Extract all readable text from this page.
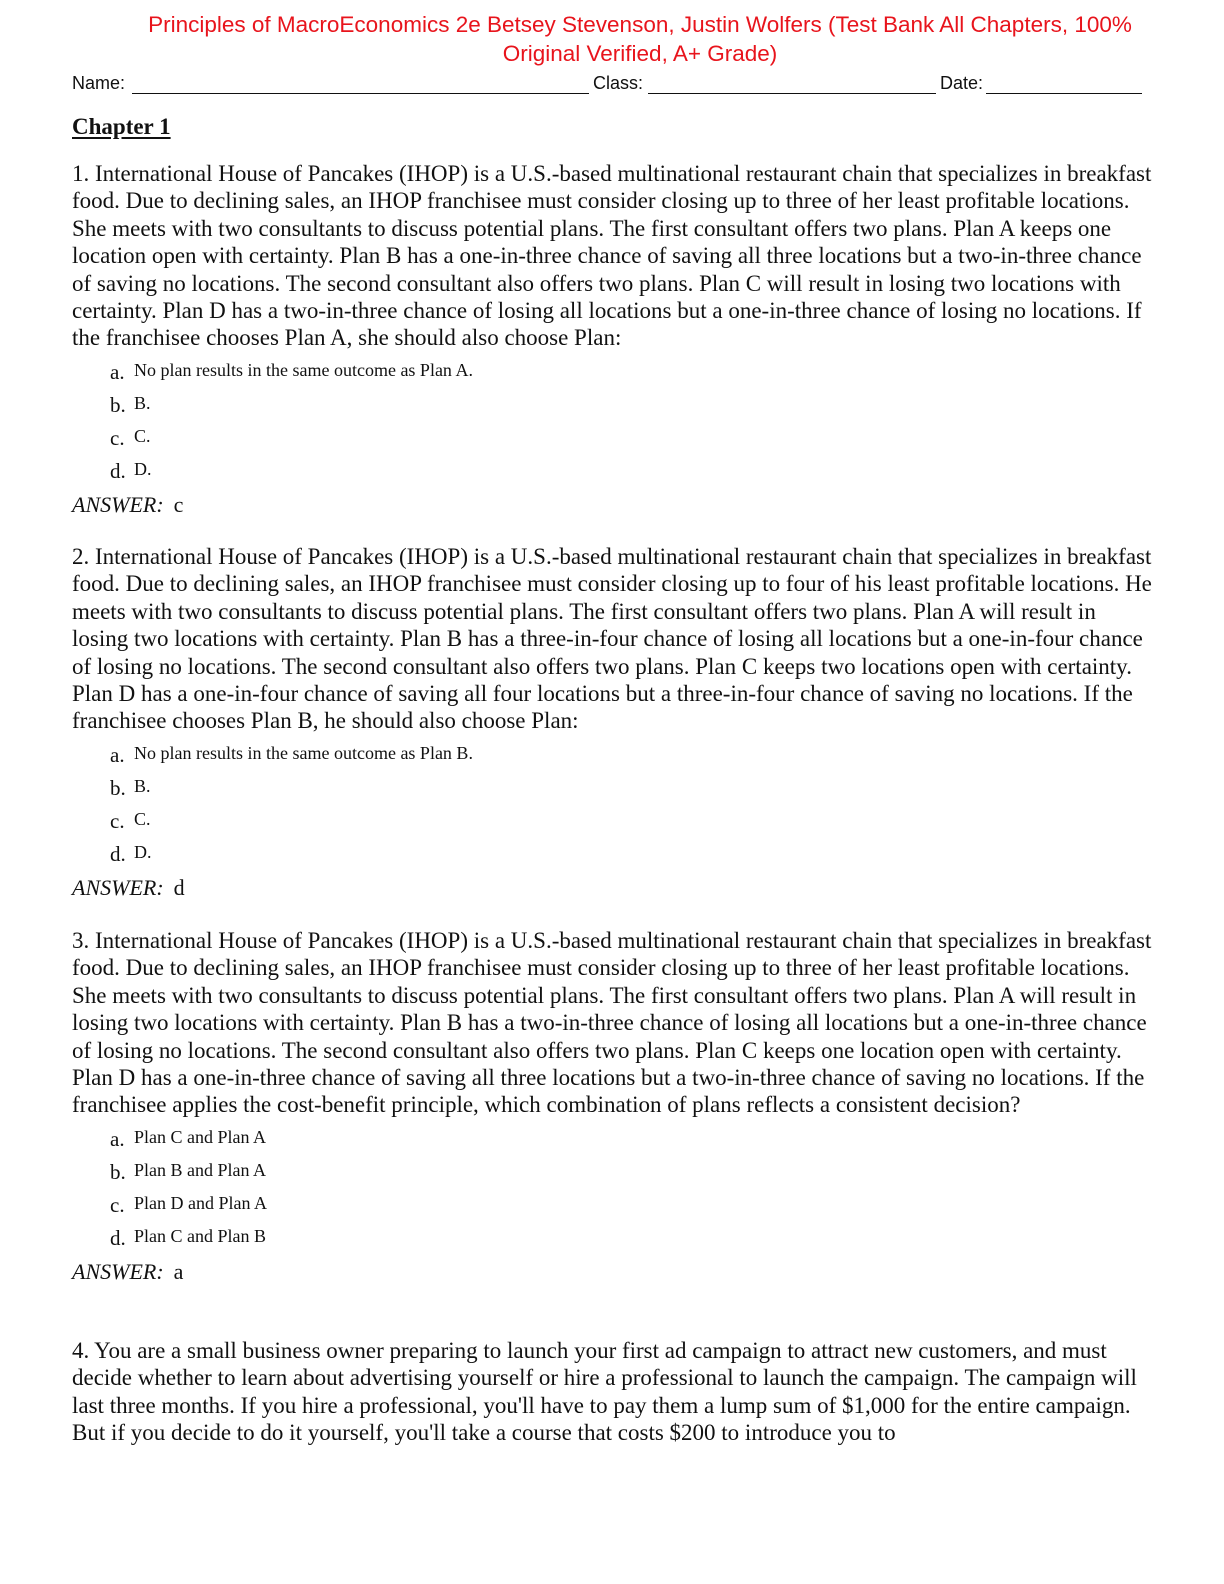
Principles of MacroEconomics 2e Betsey Stevenson, Justin Wolfers (Test Bank All Chapters, 100%
Original Verified, A+ Grade)
Name:	Class:	Date:
Chapter 1

1. International House of Pancakes (IHOP) is a U.S.-based multinational restaurant chain that specializes in breakfast food. Due to declining sales, an IHOP franchisee must consider closing up to three of her least profitable locations. She meets with two consultants to discuss potential plans. The first consultant offers two plans. Plan A keeps one location open with certainty. Plan B has a one-in-three chance of saving all three locations but a two-in-three chance of saving no locations. The second consultant also offers two plans. Plan C will result in losing two locations with certainty. Plan D has a two-in-three chance of losing all locations but a one-in-three chance of losing no locations. If the franchisee chooses Plan A, she should also choose Plan:

a. No plan results in the same outcome as Plan A.
b. B.
c. C.
d. D.
ANSWER: c

2. International House of Pancakes (IHOP) is a U.S.-based multinational restaurant chain that specializes in breakfast food. Due to declining sales, an IHOP franchisee must consider closing up to four of his least profitable locations. He meets with two consultants to discuss potential plans. The first consultant offers two plans. Plan A will result in losing two locations with certainty. Plan B has a three-in-four chance of losing all locations but a one-in-four chance of losing no locations. The second consultant also offers two plans. Plan C keeps two locations open with certainty. Plan D has a one-in-four chance of saving all four locations but a three-in-four chance of saving no locations. If the franchisee chooses Plan B, he should also choose Plan:

a. No plan results in the same outcome as Plan B.
b. B.
c. C.
d. D.
ANSWER: d

3. International House of Pancakes (IHOP) is a U.S.-based multinational restaurant chain that specializes in breakfast food. Due to declining sales, an IHOP franchisee must consider closing up to three of her least profitable locations. She meets with two consultants to discuss potential plans. The first consultant offers two plans. Plan A will result in losing two locations with certainty. Plan B has a two-in-three chance of losing all locations but a one-in-three chance of losing no locations. The second consultant also offers two plans. Plan C keeps one location open with certainty. Plan D has a one-in-three chance of saving all three locations but a two-in-three chance of saving no locations. If the franchisee applies the cost-benefit principle, which combination of plans reflects a consistent decision?

a. Plan C and Plan A
b. Plan B and Plan A
c. Plan D and Plan A
d. Plan C and Plan B
ANSWER: a

4. You are a small business owner preparing to launch your first ad campaign to attract new customers, and must decide whether to learn about advertising yourself or hire a professional to launch the campaign. The campaign will last three months. If you hire a professional, you'll have to pay them a lump sum of $1,000 for the entire campaign. But if you decide to do it yourself, you'll take a course that costs $200 to introduce you to
